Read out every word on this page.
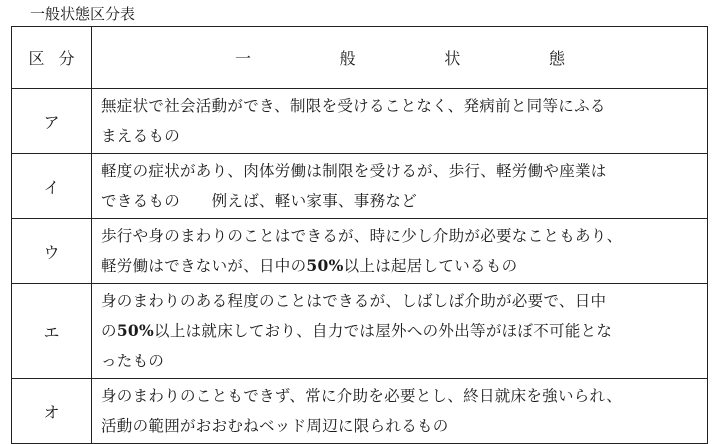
一般状態区分表
区分	一 般 状 態

ア	無症状で社会活動ができ、制限を受けることなく、発病前と同等にふる
まえるもの

イ	軽度の症状があり、肉体労働は制限を受けるが、歩行、軽労働や座業は
できるもの　　例えば、軽い家事、事務など

ウ	歩行や身のまわりのことはできるが、時に少し介助が必要なこともあり、
軽労働はできないが、日中の50%以上は起居しているもの

エ	身のまわりのある程度のことはできるが、しばしば介助が必要で、日中
の50%以上は就床しており、自力では屋外への外出等がほぼ不可能とな
ったもの

オ	身のまわりのこともできず、常に介助を必要とし、終日就床を強いられ、
活動の範囲がおおむねベッド周辺に限られるもの
